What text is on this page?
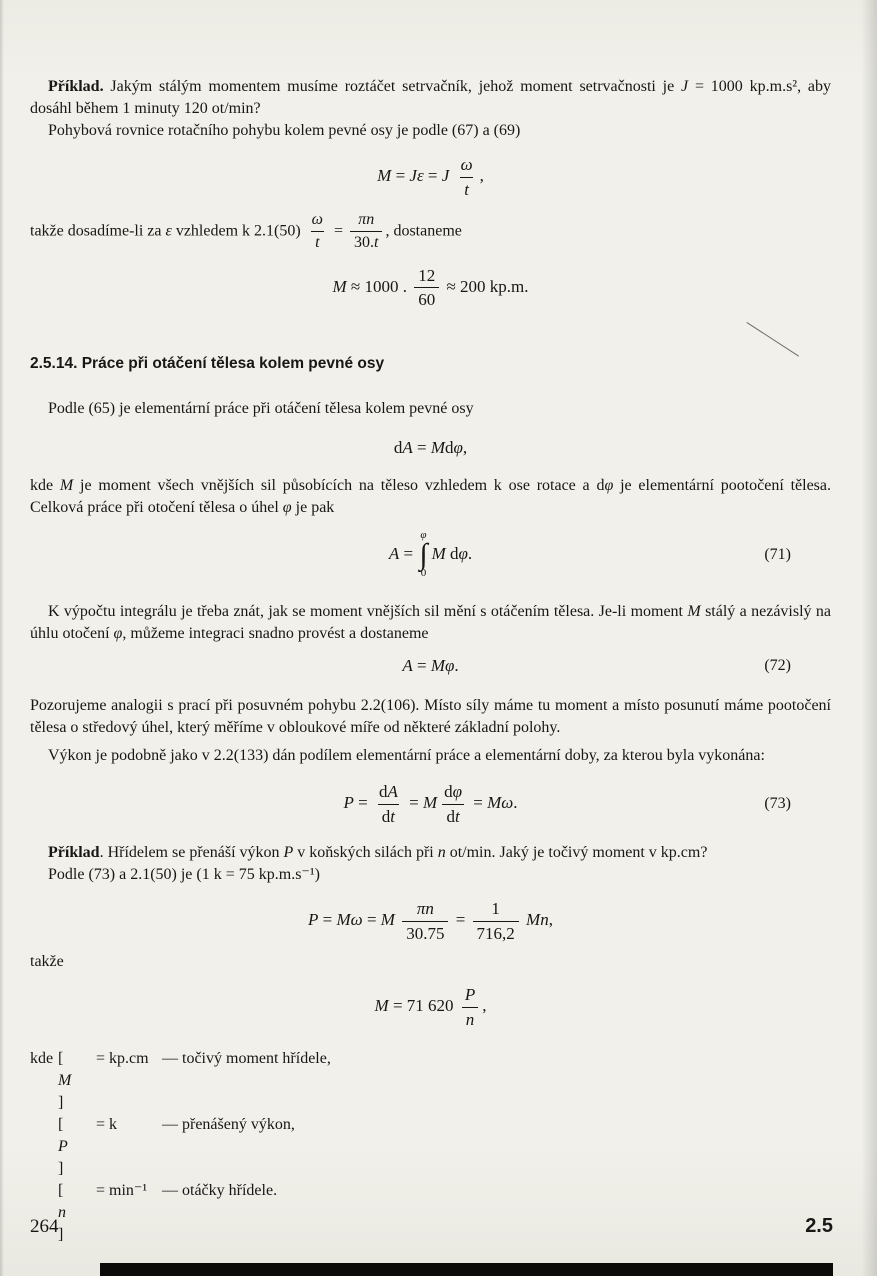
Příklad. Jakým stálým momentem musíme roztáčet setrvačník, jehož moment setrvačnosti je J = 1000 kp.m.s², aby dosáhl během 1 minuty 120 ot/min?

Pohybová rovnice rotačního pohybu kolem pevné osy je podle (67) a (69)

M = Jε = J $\frac{\omega}{t}$ ,

takže dosadíme-li za ε vzhledem k $2.1(50) \frac{\omega}{t} = \frac{\pi n}{30.t}$ , dostaneme

M ≈ 1000 . $\frac{12}{60} \approx 200$ kp.m.
2.5.14. Práce při otáčení tělesa kolem pevné osy

Podle (65) je elementární práce při otáčení tělesa kolem pevné osy

dA = Mdφ,

kde M je moment všech vnějších sil působících na těleso vzhledem k ose rotace a dφ je elementární pootočení tělesa. Celková práce při otočení tělesa o úhel φ je pak

A =
φ
∫
0
M dφ.	(71)

K výpočtu integrálu je třeba znát, jak se moment vnějších sil mění s otáčením tělesa. Je-li moment M stálý a nezávislý na úhlu otočení φ, můžeme integraci snadno provést a dostaneme

A = Mφ.	(72)

Pozorujeme analogii s prací při posuvném pohybu 2.2(106). Místo síly máme tu moment a místo posunutí máme pootočení tělesa o středový úhel, který měříme v obloukové míře od některé základní polohy.

Výkon je podobně jako v 2.2(133) dán podílem elementární práce a elementární doby, za kterou byla vykonána:

$P = \frac{dA}{dt} = M \frac{d\varphi}{dt} = M\omega$.	(73)

Příklad. Hřídelem se přenáší výkon P v koňských silách při n ot/min. Jaký je točivý moment v kp.cm?

Podle (73) a 2.1(50) je (1 k = 75 kp.m.s⁻¹)

P = Mω = M $\frac{\pi n}{30.75} = \frac{1}{716,2} Mn$,

takže

M = 71 $620 \frac{P}{n}$ ,
kde [
M
]
= kp.cm — točivý moment hřídele,
[
P
]
= k	— přenášený výkon,
[
n
]
= min⁻¹ — otáčky hřídele.
264	2.5
